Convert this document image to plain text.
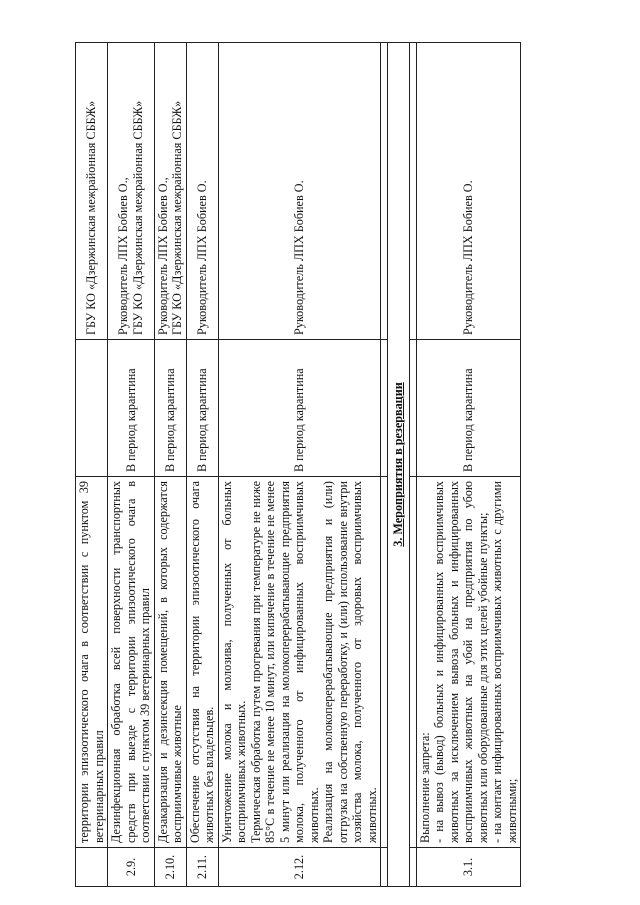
	территории эпизоотического очага в соответствии с пунктом 39 ветеринарных правил		ГБУ КО «Дзержинская межрайонная СББЖ»

2.9.	Дезинфекционная обработка всей поверхности транспортных средств при выезде с территории эпизоотического очага в соответствии с пунктом 39 ветеринарных правил	В период карантина	Руководитель ЛПХ Бобиев О., ГБУ КО «Дзержинская межрайонная СББЖ»

2.10.	Дезакаризация и дезинсекция помещений, в которых содержатся восприимчивые животные	В период карантина	Руководитель ЛПХ Бобиев О., ГБУ КО «Дзержинская межрайонная СББЖ»

2.11.	Обеспечение отсутствия на территории эпизоотического очага животных без владельцев.	В период карантина	Руководитель ЛПХ Бобиев О.

2.12.	Уничтожение молока и молозива, полученных от больных восприимчивых животных. Термическая обработка путем прогревания при температуре не ниже 85°С в течение не менее 10 минут, или кипячение в течение не менее 5 минут или реализация на молокоперерабатывающие предприятия молока, полученного от инфицированных восприимчивых животных. Реализация на молокоперерабатывающие предприятия и (или) отгрузка на собственную переработку, и (или) использование внутри хозяйства молока, полученного от здоровых восприимчивых животных.	В период карантина	Руководитель ЛПХ Бобиев О.

3. Мероприятия в резервации			

3.1.	Выполнение запрета: - на вывоз (вывод) больных и инфицированных восприимчивых животных за исключением вывоза больных и инфицированных восприимчивых животных на убой на предприятия по убою животных или оборудованные для этих целей убойные пункты; - на контакт инфицированных восприимчивых животных с другими животными;	В период карантина	Руководитель ЛПХ Бобиев О.
